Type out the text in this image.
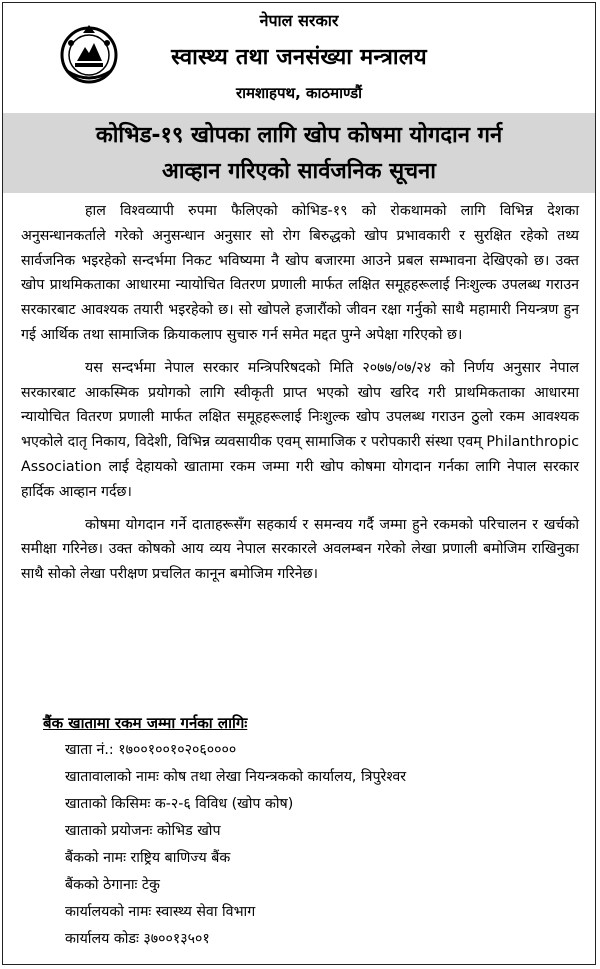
नेपाल सरकार
स्वास्थ्य तथा जनसंख्या मन्त्रालय
रामशाहपथ, काठमाण्डौं
कोभिड-१९ खोपका लागि खोप कोषमा योगदान गर्न
आव्हान गरिएको सार्वजनिक सूचना

हाल विश्वव्यापी रुपमा फैलिएको कोभिड-१९ को रोकथामको लागि विभिन्न देशका अनुसन्धानकर्ताले गरेको अनुसन्धान अनुसार सो रोग बिरुद्धको खोप प्रभावकारी र सुरक्षित रहेको तथ्य सार्वजनिक भइरहेको सन्दर्भमा निकट भविष्यमा नै खोप बजारमा आउने प्रबल सम्भावना देखिएको छ। उक्त खोप प्राथमिकताका आधारमा न्यायोचित वितरण प्रणाली मार्फत लक्षित समूहहरूलाई निःशुल्क उपलब्ध गराउन सरकारबाट आवश्यक तयारी भइरहेको छ। सो खोपले हजारौंको जीवन रक्षा गर्नुको साथै महामारी नियन्त्रण हुन गई आर्थिक तथा सामाजिक क्रियाकलाप सुचारु गर्न समेत मद्दत पुग्ने अपेक्षा गरिएको छ।

यस सन्दर्भमा नेपाल सरकार मन्त्रिपरिषदको मिति २०७७/०७/२४ को निर्णय अनुसार नेपाल सरकारबाट आकस्मिक प्रयोगको लागि स्वीकृती प्राप्त भएको खोप खरिद गरी प्राथमिकताका आधारमा न्यायोचित वितरण प्रणाली मार्फत लक्षित समूहहरूलाई निःशुल्क खोप उपलब्ध गराउन ठुलो रकम आवश्यक भएकोले दातृ निकाय, विदेशी, विभिन्न व्यवसायीक एवम् सामाजिक र परोपकारी संस्था एवम् Philanthropic Association लाई देहायको खातामा रकम जम्मा गरी खोप कोषमा योगदान गर्नका लागि नेपाल सरकार हार्दिक आव्हान गर्दछ।

कोषमा योगदान गर्ने दाताहरूसँग सहकार्य र समन्वय गर्दै जम्मा हुने रकमको परिचालन र खर्चको समीक्षा गरिनेछ। उक्त कोषको आय व्यय नेपाल सरकारले अवलम्बन गरेको लेखा प्रणाली बमोजिम राखिनुका साथै सोको लेखा परीक्षण प्रचलित कानून बमोजिम गरिनेछ।

बैंक खातामा रकम जम्मा गर्नका लागिः
खाता नं.: १७००१००१०२०६००००
खातावालाको नामः कोष तथा लेखा नियन्त्रकको कार्यालय, त्रिपुरेश्वर
खाताको किसिमः क-२-६ विविध (खोप कोष)
खाताको प्रयोजनः कोभिड खोप
बैंकको नामः राष्ट्रिय बाणिज्य बैंक
बैंकको ठेगानाः टेकु
कार्यालयको नामः स्वास्थ्य सेवा विभाग
कार्यालय कोडः ३७००१३५०१
